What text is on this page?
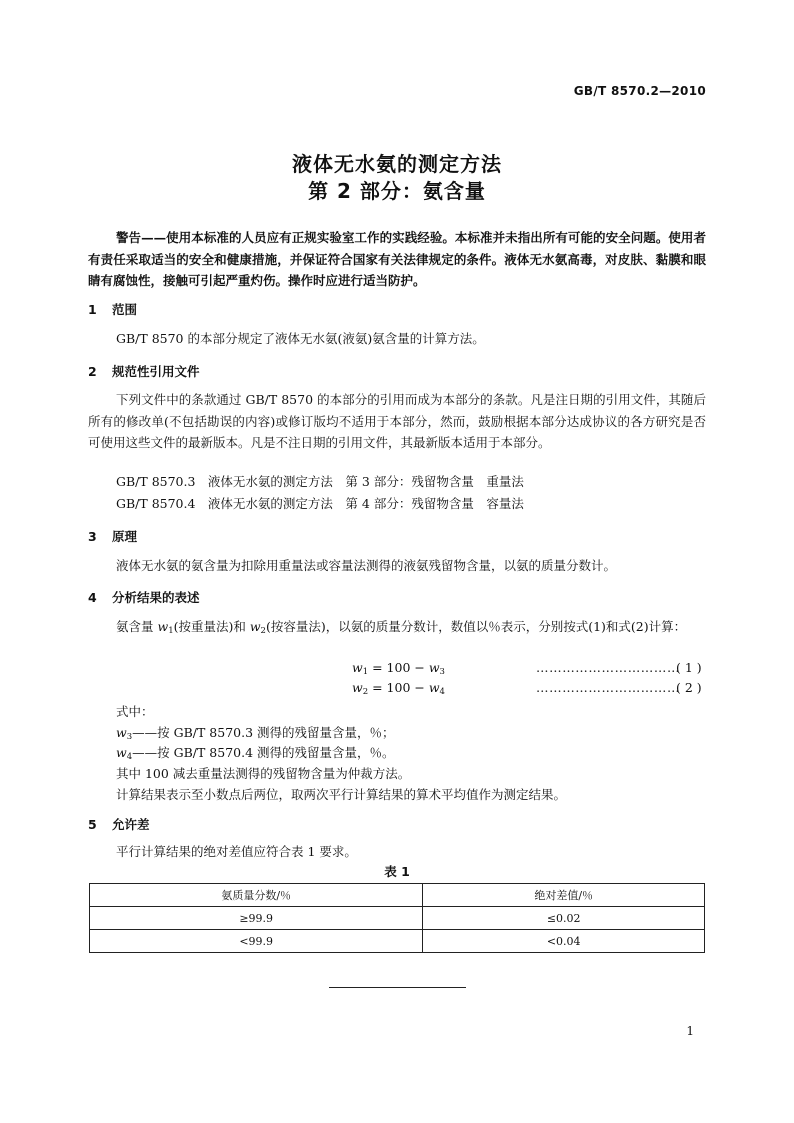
GB/T 8570.2—2010
液体无水氨的测定方法
第 2 部分：氨含量
警告——使用本标准的人员应有正规实验室工作的实践经验。本标准并未指出所有可能的安全问题。使用者有责任采取适当的安全和健康措施，并保证符合国家有关法律规定的条件。液体无水氨高毒，对皮肤、黏膜和眼睛有腐蚀性，接触可引起严重灼伤。操作时应进行适当防护。
1 范围
GB/T 8570 的本部分规定了液体无水氨(液氨)氨含量的计算方法。
2 规范性引用文件
下列文件中的条款通过 GB/T 8570 的本部分的引用而成为本部分的条款。凡是注日期的引用文件，其随后所有的修改单(不包括勘误的内容)或修订版均不适用于本部分，然而，鼓励根据本部分达成协议的各方研究是否可使用这些文件的最新版本。凡是不注日期的引用文件，其最新版本适用于本部分。
GB/T 8570.3　液体无水氨的测定方法　第 3 部分：残留物含量　重量法
GB/T 8570.4　液体无水氨的测定方法　第 4 部分：残留物含量　容量法
3 原理
液体无水氨的氨含量为扣除用重量法或容量法测得的液氨残留物含量，以氨的质量分数计。
4 分析结果的表述
氨含量 $w_1$(按重量法)和 $w_2$(按容量法)，以氨的质量分数计，数值以％表示，分别按式(1)和式(2)计算：
$w_1 = 100 - w_3$	……………………………
( 1 )
$w_2 = 100 - w_4$	……………………………
( 2 )
式中：
$w_3——$按 GB/T 8570.3 测得的残留量含量，％；
$w_4——$按 GB/T 8570.4 测得的残留量含量，％。
其中 100 减去重量法测得的残留物含量为仲裁方法。
计算结果表示至小数点后两位，取两次平行计算结果的算术平均值作为测定结果。
5 允许差
平行计算结果的绝对差值应符合表 1 要求。
表 1
氨质量分数/％	绝对差值/％
≥99.9	≤0.02
<99.9	<0.04
1
